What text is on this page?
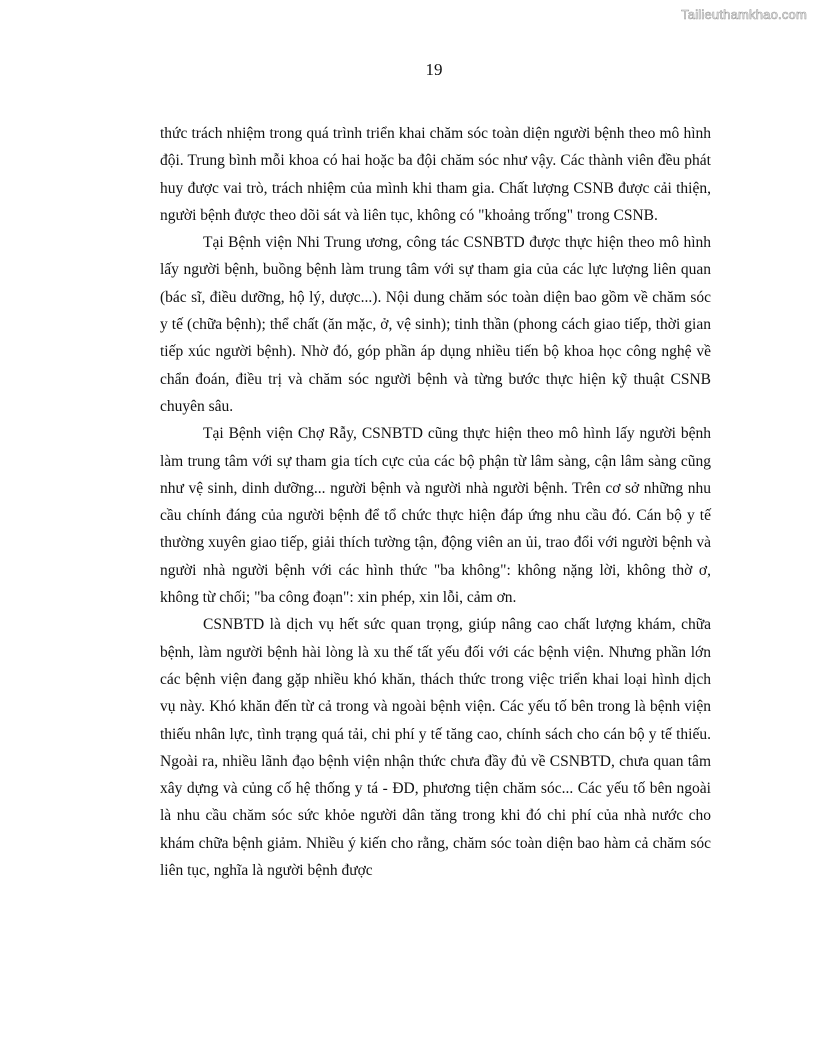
Tailieuthamkhao.com
19

thức trách nhiệm trong quá trình triển khai chăm sóc toàn diện người bệnh theo mô hình đội. Trung bình mỗi khoa có hai hoặc ba đội chăm sóc như vậy. Các thành viên đều phát huy được vai trò, trách nhiệm của mình khi tham gia. Chất lượng CSNB được cải thiện, người bệnh được theo dõi sát và liên tục, không có "khoảng trống" trong CSNB.

Tại Bệnh viện Nhi Trung ương, công tác CSNBTD được thực hiện theo mô hình lấy người bệnh, buồng bệnh làm trung tâm với sự tham gia của các lực lượng liên quan (bác sĩ, điều dưỡng, hộ lý, dược...). Nội dung chăm sóc toàn diện bao gồm về chăm sóc y tế (chữa bệnh); thể chất (ăn mặc, ở, vệ sinh); tinh thần (phong cách giao tiếp, thời gian tiếp xúc người bệnh). Nhờ đó, góp phần áp dụng nhiều tiến bộ khoa học công nghệ về chẩn đoán, điều trị và chăm sóc người bệnh và từng bước thực hiện kỹ thuật CSNB chuyên sâu.

Tại Bệnh viện Chợ Rẫy, CSNBTD cũng thực hiện theo mô hình lấy người bệnh làm trung tâm với sự tham gia tích cực của các bộ phận từ lâm sàng, cận lâm sàng cũng như vệ sinh, dinh dưỡng... người bệnh và người nhà người bệnh. Trên cơ sở những nhu cầu chính đáng của người bệnh để tổ chức thực hiện đáp ứng nhu cầu đó. Cán bộ y tế thường xuyên giao tiếp, giải thích tường tận, động viên an ủi, trao đổi với người bệnh và người nhà người bệnh với các hình thức "ba không": không nặng lời, không thờ ơ, không từ chối; "ba công đoạn": xin phép, xin lỗi, cảm ơn.

CSNBTD là dịch vụ hết sức quan trọng, giúp nâng cao chất lượng khám, chữa bệnh, làm người bệnh hài lòng là xu thế tất yếu đối với các bệnh viện. Nhưng phần lớn các bệnh viện đang gặp nhiều khó khăn, thách thức trong việc triển khai loại hình dịch vụ này. Khó khăn đến từ cả trong và ngoài bệnh viện. Các yếu tố bên trong là bệnh viện thiếu nhân lực, tình trạng quá tải, chi phí y tế tăng cao, chính sách cho cán bộ y tế thiếu. Ngoài ra, nhiều lãnh đạo bệnh viện nhận thức chưa đầy đủ về CSNBTD, chưa quan tâm xây dựng và củng cố hệ thống y tá - ĐD, phương tiện chăm sóc... Các yếu tố bên ngoài là nhu cầu chăm sóc sức khỏe người dân tăng trong khi đó chi phí của nhà nước cho khám chữa bệnh giảm. Nhiều ý kiến cho rằng, chăm sóc toàn diện bao hàm cả chăm sóc liên tục, nghĩa là người bệnh được
